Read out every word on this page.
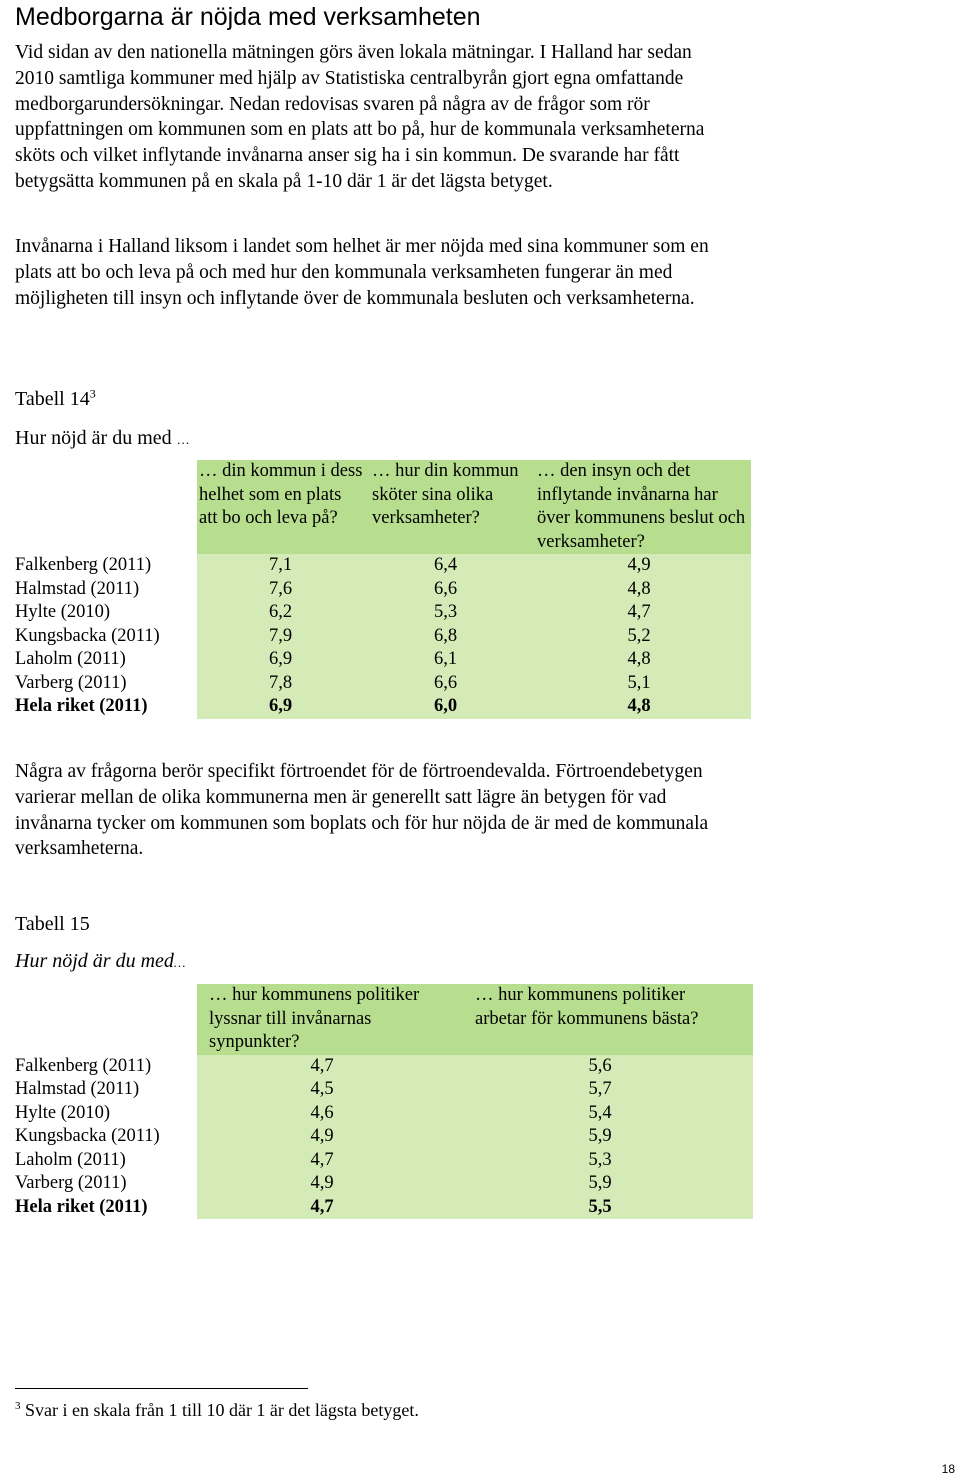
Medborgarna är nöjda med verksamheten

Vid sidan av den nationella mätningen görs även lokala mätningar. I Halland har sedan 2010 samtliga kommuner med hjälp av Statistiska centralbyrån gjort egna omfattande medborgarundersökningar. Nedan redovisas svaren på några av de frågor som rör uppfattningen om kommunen som en plats att bo på, hur de kommunala verksamheterna sköts och vilket inflytande invånarna anser sig ha i sin kommun. De svarande har fått betygsätta kommunen på en skala på 1-10 där 1 är det lägsta betyget.

Invånarna i Halland liksom i landet som helhet är mer nöjda med sina kommuner som en plats att bo och leva på och med hur den kommunala verksamheten fungerar än med möjligheten till insyn och inflytande över de kommunala besluten och verksamheterna.

Tabell $14^3$

Hur nöjd är du med …

	… din kommun i dess helhet som en plats att bo och leva på?	… hur din kommun sköter sina olika verksamheter?	… den insyn och det inflytande invånarna har över kommunens beslut och verksamheter?
Falkenberg (2011)	7,1	6,4	4,9
Halmstad (2011)	7,6	6,6	4,8
Hylte (2010)	6,2	5,3	4,7
Kungsbacka (2011)	7,9	6,8	5,2
Laholm (2011)	6,9	6,1	4,8
Varberg (2011)	7,8	6,6	5,1
Hela riket (2011)	6,9	6,0	4,8

Några av frågorna berör specifikt förtroendet för de förtroendevalda. Förtroendebetygen varierar mellan de olika kommunerna men är generellt satt lägre än betygen för vad invånarna tycker om kommunen som boplats och för hur nöjda de är med de kommunala verksamheterna.

Tabell 15

Hur nöjd är du med…

	… hur kommunens politiker lyssnar till invånarnas synpunkter?	… hur kommunens politiker arbetar för kommunens bästa?
Falkenberg (2011)	4,7	5,6
Halmstad (2011)	4,5	5,7
Hylte (2010)	4,6	5,4
Kungsbacka (2011)	4,9	5,9
Laholm (2011)	4,7	5,3
Varberg (2011)	4,9	5,9
Hela riket (2011)	4,7	5,5

$^3$ Svar i en skala från 1 till 10 där 1 är det lägsta betyget.

18
